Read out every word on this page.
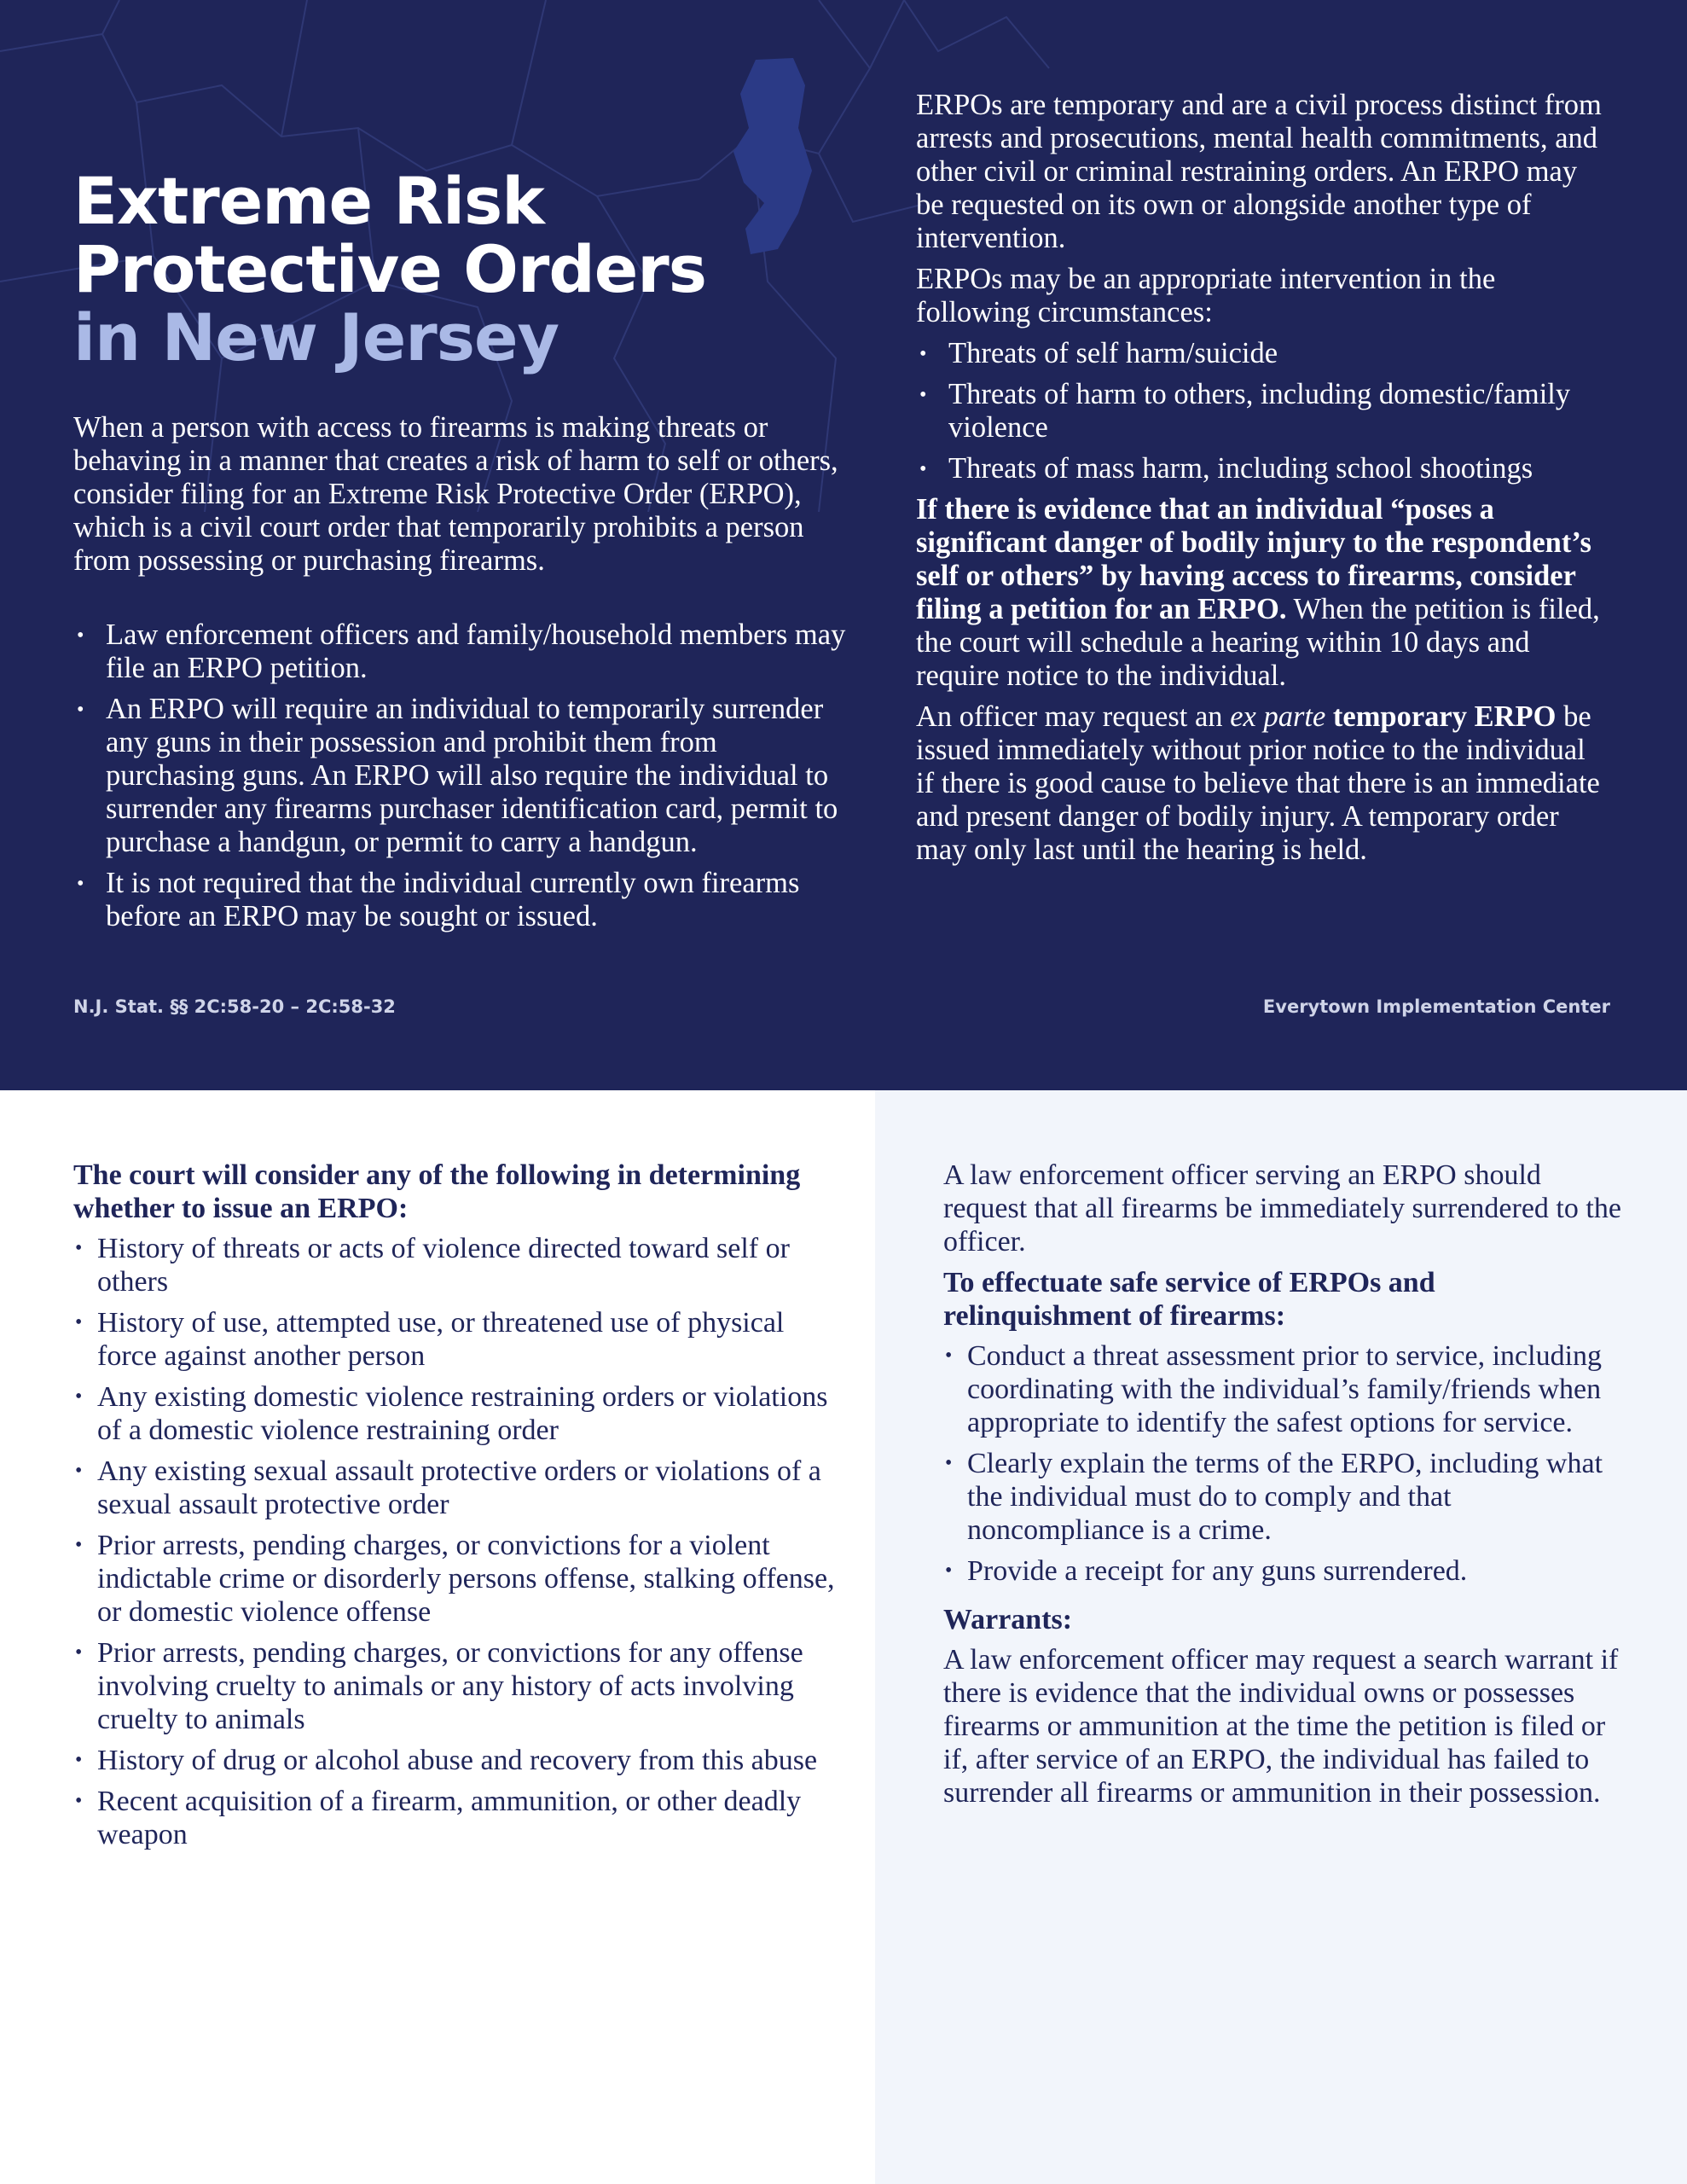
Extreme Risk
Protective Orders
in New Jersey

When a person with access to firearms is making threats or behaving in a manner that creates a risk of harm to self or others, consider filing for an Extreme Risk Protective Order (ERPO), which is a civil court order that temporarily prohibits a person from possessing or purchasing firearms.

• Law enforcement officers and family/household members may file an ERPO petition.
• An ERPO will require an individual to temporarily surrender any guns in their possession and prohibit them from purchasing guns. An ERPO will also require the individual to surrender any firearms purchaser identification card, permit to purchase a handgun, or permit to carry a handgun.
• It is not required that the individual currently own firearms before an ERPO may be sought or issued.

ERPOs are temporary and are a civil process distinct from arrests and prosecutions, mental health commitments, and other civil or criminal restraining orders. An ERPO may be requested on its own or alongside another type of intervention.

ERPOs may be an appropriate intervention in the following circumstances:

• Threats of self harm/suicide
• Threats of harm to others, including domestic/family violence
• Threats of mass harm, including school shootings

If there is evidence that an individual “poses a significant danger of bodily injury to the respondent’s self or others” by having access to firearms, consider filing a petition for an ERPO. When the petition is filed, the court will schedule a hearing within 10 days and require notice to the individual.

An officer may request an ex parte temporary ERPO be issued immediately without prior notice to the individual if there is good cause to believe that there is an immediate and present danger of bodily injury. A temporary order may only last until the hearing is held.

N.J. Stat. §§ 2C:58-20 – 2C:58-32	Everytown Implementation Center
The court will consider any of the following in determining whether to issue an ERPO:
• History of threats or acts of violence directed toward self or others
• History of use, attempted use, or threatened use of physical force against another person
• Any existing domestic violence restraining orders or violations of a domestic violence restraining order
• Any existing sexual assault protective orders or violations of a sexual assault protective order
• Prior arrests, pending charges, or convictions for a violent indictable crime or disorderly persons offense, stalking offense, or domestic violence offense
• Prior arrests, pending charges, or convictions for any offense involving cruelty to animals or any history of acts involving cruelty to animals
• History of drug or alcohol abuse and recovery from this abuse
• Recent acquisition of a firearm, ammunition, or other deadly weapon

A law enforcement officer serving an ERPO should request that all firearms be immediately surrendered to the officer.

To effectuate safe service of ERPOs and relinquishment of firearms:
• Conduct a threat assessment prior to service, including coordinating with the individual’s family/friends when appropriate to identify the safest options for service.
• Clearly explain the terms of the ERPO, including what the individual must do to comply and that noncompliance is a crime.
• Provide a receipt for any guns surrendered.
Warrants:

A law enforcement officer may request a search warrant if there is evidence that the individual owns or possesses firearms or ammunition at the time the petition is filed or if, after service of an ERPO, the individual has failed to surrender all firearms or ammunition in their possession.
